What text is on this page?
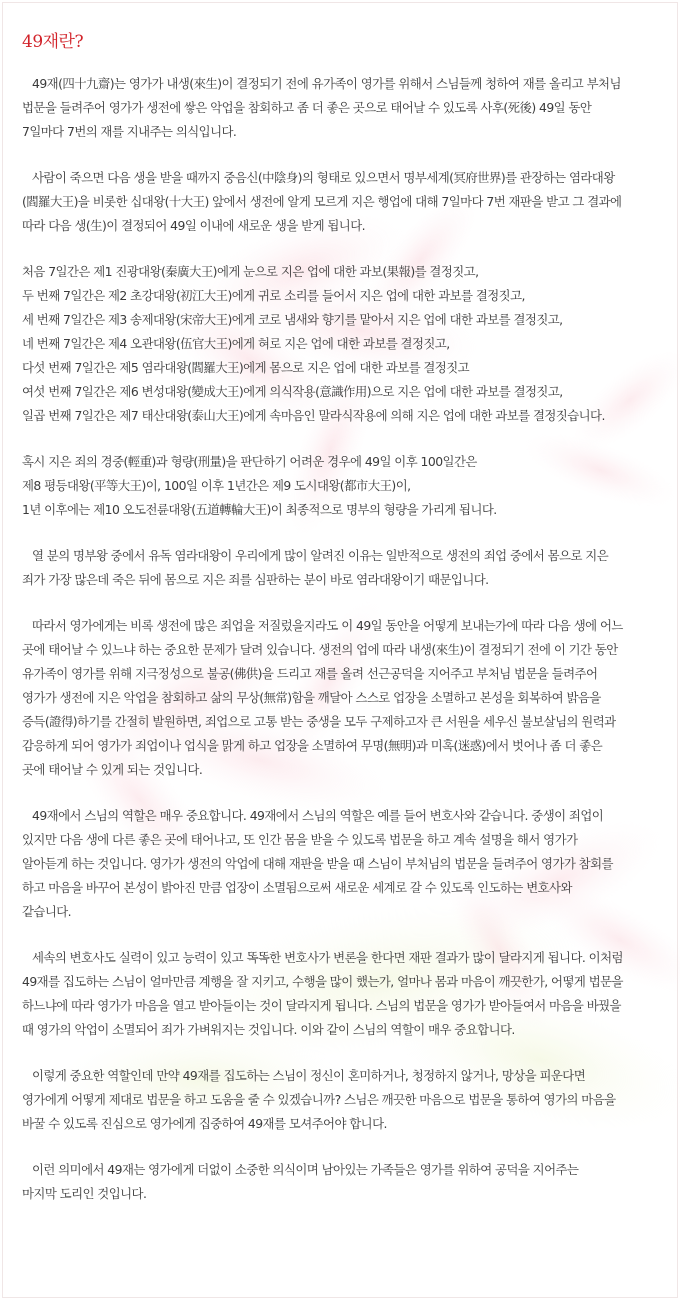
49재란?
49재(四十九齋)는 영가가 내생(來生)이 결정되기 전에 유가족이 영가를 위해서 스님들께 청하여 재를 올리고 부처님
법문을 들려주어 영가가 생전에 쌓은 악업을 참회하고 좀 더 좋은 곳으로 태어날 수 있도록 사후(死後) 49일 동안
7일마다 7번의 재를 지내주는 의식입니다.
사람이 죽으면 다음 생을 받을 때까지 중음신(中陰身)의 형태로 있으면서 명부세계(冥府世界)를 관장하는 염라대왕
(閻羅大王)을 비롯한 십대왕(十大王) 앞에서 생전에 알게 모르게 지은 행업에 대해 7일마다 7번 재판을 받고 그 결과에
따라 다음 생(生)이 결정되어 49일 이내에 새로운 생을 받게 됩니다.
처음 7일간은 제1 진광대왕(秦廣大王)에게 눈으로 지은 업에 대한 과보(果報)를 결정짓고,
두 번째 7일간은 제2 초강대왕(初江大王)에게 귀로 소리를 들어서 지은 업에 대한 과보를 결정짓고,
세 번째 7일간은 제3 송제대왕(宋帝大王)에게 코로 냄새와 향기를 맡아서 지은 업에 대한 과보를 결정짓고,
네 번째 7일간은 제4 오관대왕(伍官大王)에게 혀로 지은 업에 대한 과보를 결정짓고,
다섯 번째 7일간은 제5 염라대왕(閻羅大王)에게 몸으로 지은 업에 대한 과보를 결정짓고
여섯 번째 7일간은 제6 변성대왕(變成大王)에게 의식작용(意識作用)으로 지은 업에 대한 과보를 결정짓고,
일곱 번째 7일간은 제7 태산대왕(泰山大王)에게 속마음인 말라식작용에 의해 지은 업에 대한 과보를 결정짓습니다.
혹시 지은 죄의 경중(輕重)과 형량(刑量)을 판단하기 어려운 경우에 49일 이후 100일간은
제8 평등대왕(平等大王)이, 100일 이후 1년간은 제9 도시대왕(都市大王)이,
1년 이후에는 제10 오도전륜대왕(五道轉輪大王)이 최종적으로 명부의 형량을 가리게 됩니다.
열 분의 명부왕 중에서 유독 염라대왕이 우리에게 많이 알려진 이유는 일반적으로 생전의 죄업 중에서 몸으로 지은
죄가 가장 많은데 죽은 뒤에 몸으로 지은 죄를 심판하는 분이 바로 염라대왕이기 때문입니다.
따라서 영가에게는 비록 생전에 많은 죄업을 저질렀을지라도 이 49일 동안을 어떻게 보내는가에 따라 다음 생에 어느
곳에 태어날 수 있느냐 하는 중요한 문제가 달려 있습니다. 생전의 업에 따라 내생(來生)이 결정되기 전에 이 기간 동안
유가족이 영가를 위해 지극정성으로 불공(佛供)을 드리고 재를 올려 선근공덕을 지어주고 부처님 법문을 들려주어
영가가 생전에 지은 악업을 참회하고 삶의 무상(無常)함을 깨달아 스스로 업장을 소멸하고 본성을 회복하여 밝음을
증득(證得)하기를 간절히 발원하면, 죄업으로 고통 받는 중생을 모두 구제하고자 큰 서원을 세우신 불보살님의 원력과
감응하게 되어 영가가 죄업이나 업식을 맑게 하고 업장을 소멸하여 무명(無明)과 미혹(迷惑)에서 벗어나 좀 더 좋은
곳에 태어날 수 있게 되는 것입니다.
49재에서 스님의 역할은 매우 중요합니다. 49재에서 스님의 역할은 예를 들어 변호사와 같습니다. 중생이 죄업이
있지만 다음 생에 다른 좋은 곳에 태어나고, 또 인간 몸을 받을 수 있도록 법문을 하고 계속 설명을 해서 영가가
알아듣게 하는 것입니다. 영가가 생전의 악업에 대해 재판을 받을 때 스님이 부처님의 법문을 들려주어 영가가 참회를
하고 마음을 바꾸어 본성이 밝아진 만큼 업장이 소멸됨으로써 새로운 세계로 갈 수 있도록 인도하는 변호사와
같습니다.
세속의 변호사도 실력이 있고 능력이 있고 똑똑한 변호사가 변론을 한다면 재판 결과가 많이 달라지게 됩니다. 이처럼
49재를 집도하는 스님이 얼마만큼 계행을 잘 지키고, 수행을 많이 했는가, 얼마나 몸과 마음이 깨끗한가, 어떻게 법문을
하느냐에 따라 영가가 마음을 열고 받아들이는 것이 달라지게 됩니다. 스님의 법문을 영가가 받아들여서 마음을 바꿨을
때 영가의 악업이 소멸되어 죄가 가벼워지는 것입니다. 이와 같이 스님의 역할이 매우 중요합니다.
이렇게 중요한 역할인데 만약 49재를 집도하는 스님이 정신이 혼미하거나, 청정하지 않거나, 망상을 피운다면
영가에게 어떻게 제대로 법문을 하고 도움을 줄 수 있겠습니까? 스님은 깨끗한 마음으로 법문을 통하여 영가의 마음을
바꿀 수 있도록 진심으로 영가에게 집중하여 49재를 모셔주어야 합니다.
이런 의미에서 49재는 영가에게 더없이 소중한 의식이며 남아있는 가족들은 영가를 위하여 공덕을 지어주는
마지막 도리인 것입니다.
